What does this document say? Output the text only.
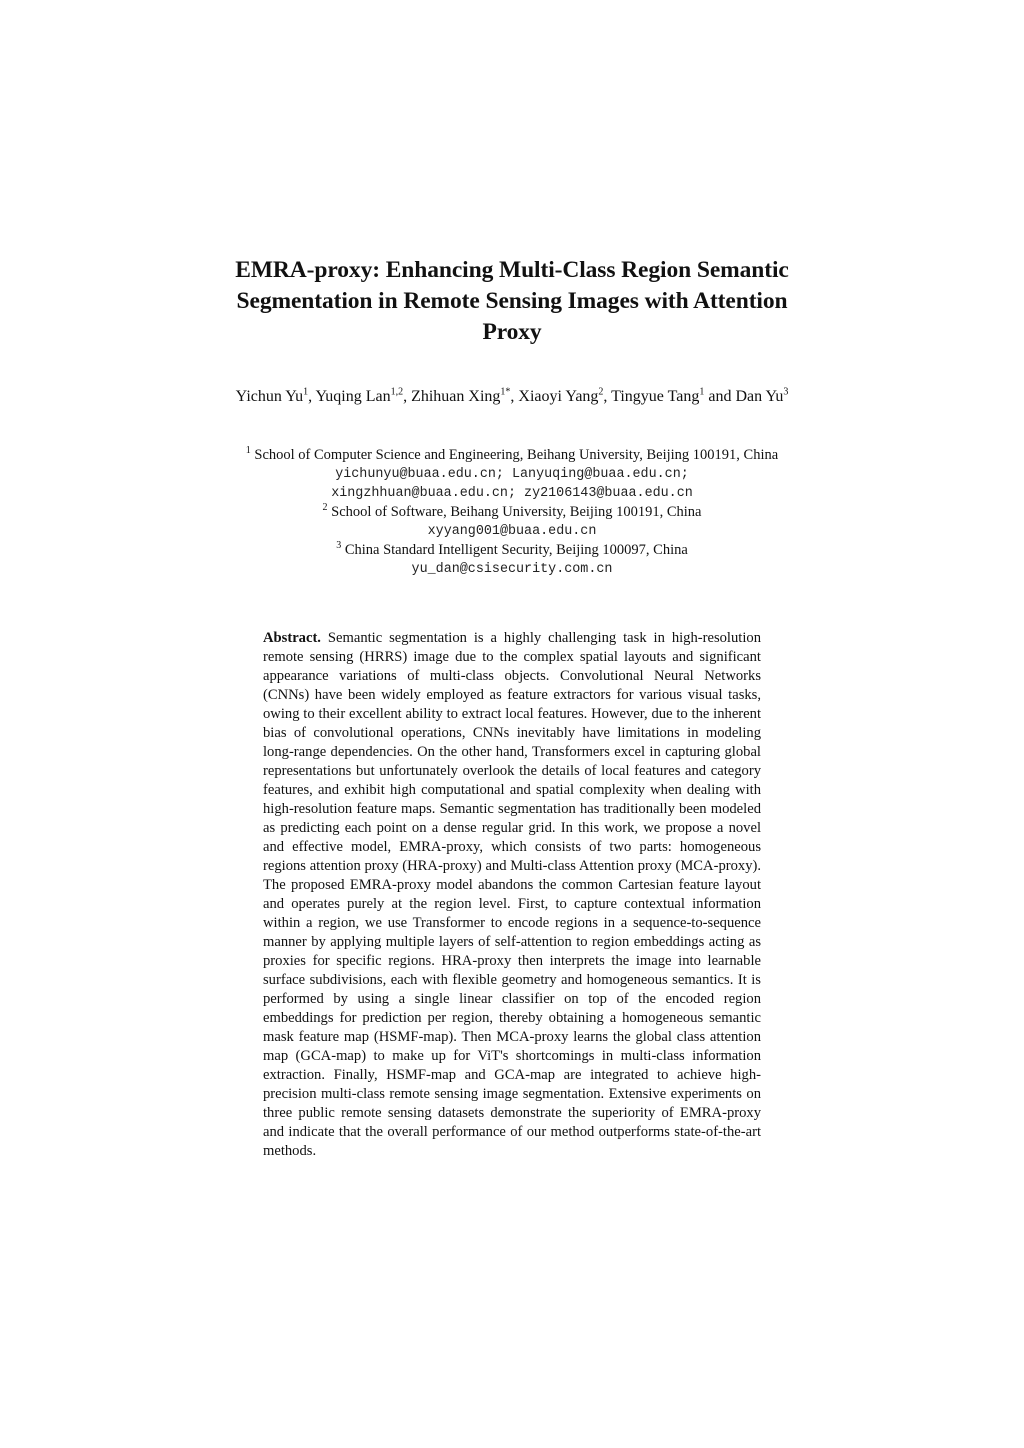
EMRA-proxy: Enhancing Multi-Class Region Semantic Segmentation in Remote Sensing Images with Attention Proxy
Yichun Yu$^1$, Yuqing Lan$^{1,2}$, Zhihuan Xing$^{1*}$, Xiaoyi Yang$^2$, Tingyue Tang$^1$ and Dan Yu$^3$
$^1$ School of Computer Science and Engineering, Beihang University, Beijing 100191, China
yichunyu@buaa.edu.cn; Lanyuqing@buaa.edu.cn;
xingzhhuan@buaa.edu.cn; zy2106143@buaa.edu.cn
$^2$ School of Software, Beihang University, Beijing 100191, China
xyyang001@buaa.edu.cn
$^3$ China Standard Intelligent Security, Beijing 100097, China
yu_dan@csisecurity.com.cn

Abstract. Semantic segmentation is a highly challenging task in high-resolution remote sensing (HRRS) image due to the complex spatial layouts and significant appearance variations of multi-class objects. Convolutional Neural Networks (CNNs) have been widely employed as feature extractors for various visual tasks, owing to their excellent ability to extract local features. However, due to the inherent bias of convolutional operations, CNNs inevitably have limitations in modeling long-range dependencies. On the other hand, Transformers excel in capturing global representations but unfortunately overlook the details of local features and category features, and exhibit high computational and spatial complexity when dealing with high-resolution feature maps. Semantic segmentation has traditionally been modeled as predicting each point on a dense regular grid. In this work, we propose a novel and effective model, EMRA-proxy, which consists of two parts: homogeneous regions attention proxy (HRA-proxy) and Multi-class Attention proxy (MCA-proxy). The proposed EMRA-proxy model abandons the common Cartesian feature layout and operates purely at the region level. First, to capture contextual information within a region, we use Transformer to encode regions in a sequence-to-sequence manner by applying multiple layers of self-attention to region embeddings acting as proxies for specific regions. HRA-proxy then interprets the image into learnable surface subdivisions, each with flexible geometry and homogeneous semantics. It is performed by using a single linear classifier on top of the encoded region embeddings for prediction per region, thereby obtaining a homogeneous semantic mask feature map (HSMF-map). Then MCA-proxy learns the global class attention map (GCA-map) to make up for ViT's shortcomings in multi-class information extraction. Finally, HSMF-map and GCA-map are integrated to achieve high-precision multi-class remote sensing image segmentation. Extensive experiments on three public remote sensing datasets demonstrate the superiority of EMRA-proxy and indicate that the overall performance of our method outperforms state-of-the-art methods.
